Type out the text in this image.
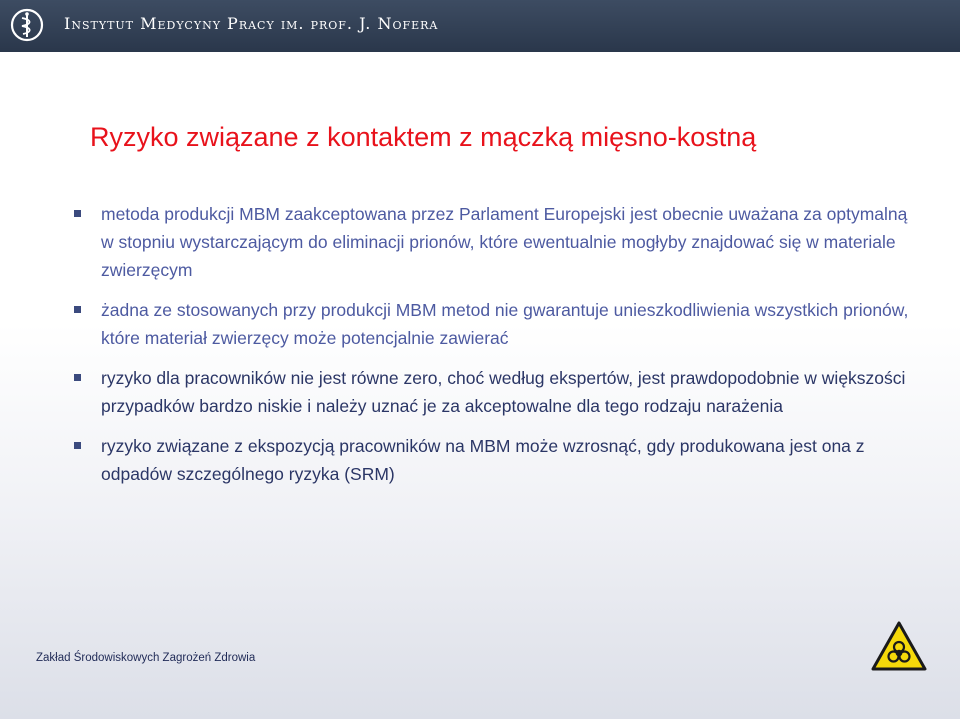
Instytut Medycyny Pracy im. prof. J. Nofera
Ryzyko związane z kontaktem z mączką mięsno-kostną
metoda produkcji MBM zaakceptowana przez Parlament Europejski jest obecnie uważana za optymalną w stopniu wystarczającym do eliminacji prionów, które ewentualnie mogłyby znajdować się w materiale zwierzęcym
żadna ze stosowanych przy produkcji MBM metod nie gwarantuje unieszkodliwienia wszystkich prionów, które materiał zwierzęcy może potencjalnie zawierać
ryzyko dla pracowników nie jest równe zero, choć według ekspertów, jest prawdopodobnie w większości przypadków bardzo niskie i należy uznać je za akceptowalne dla tego rodzaju narażenia
ryzyko związane z ekspozycją pracowników na MBM może wzrosnąć, gdy produkowana jest ona z odpadów szczególnego ryzyka (SRM)
Zakład Środowiskowych Zagrożeń Zdrowia
